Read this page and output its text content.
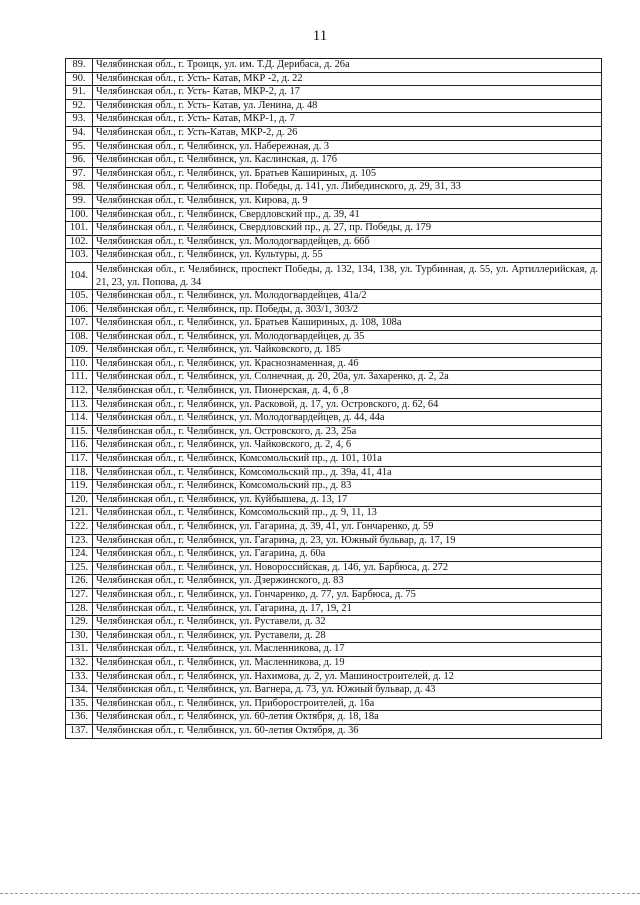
11
89.	Челябинская обл., г. Троицк, ул. им. Т.Д. Дерибаса, д. 26а
90.	Челябинская обл., г. Усть- Катав, МКР -2, д. 22
91.	Челябинская обл., г. Усть- Катав, МКР-2, д. 17
92.	Челябинская обл., г. Усть- Катав, ул. Ленина, д. 48
93.	Челябинская обл., г. Усть- Катав, МКР-1, д. 7
94.	Челябинская обл., г. Усть-Катав, МКР-2, д. 26
95.	Челябинская обл., г. Челябинск, ул. Набережная, д. 3
96.	Челябинская обл., г. Челябинск, ул. Каслинская, д. 17б
97.	Челябинская обл., г. Челябинск, ул. Братьев Кашириных, д. 105
98.	Челябинская обл., г. Челябинск, пр. Победы, д. 141, ул. Либединского, д. 29, 31, 33
99.	Челябинская обл., г. Челябинск, ул. Кирова, д. 9
100.	Челябинская обл., г. Челябинск, Свердловский пр., д. 39, 41
101.	Челябинская обл., г. Челябинск, Свердловский пр., д. 27, пр. Победы, д. 179
102.	Челябинская обл., г. Челябинск, ул. Молодогвардейцев, д. 66б
103.	Челябинская обл., г. Челябинск, ул. Культуры, д. 55
104.	Челябинская обл., г. Челябинск, проспект Победы, д. 132, 134, 138, ул. Турбинная, д. 55, ул. Артиллерийская, д. 21, 23, ул. Попова, д. 34
105.	Челябинская обл., г. Челябинск, ул. Молодогвардейцев, 41а/2
106.	Челябинская обл., г. Челябинск, пр. Победы, д. 303/1, 303/2
107.	Челябинская обл., г. Челябинск, ул. Братьев Кашириных, д. 108, 108а
108.	Челябинская обл., г. Челябинск, ул. Молодогвардейцев, д. 35
109.	Челябинская обл., г. Челябинск, ул. Чайковского, д. 185
110.	Челябинская обл., г. Челябинск, ул. Краснознаменная, д. 46
111.	Челябинская обл., г. Челябинск, ул. Солнечная, д. 20, 20а, ул. Захаренко, д. 2, 2а
112.	Челябинская обл., г. Челябинск, ул. Пионерская, д. 4, 6 ,8
113.	Челябинская обл., г. Челябинск, ул. Расковой, д. 17, ул. Островского, д. 62, 64
114.	Челябинская обл., г. Челябинск, ул. Молодогвардейцев, д. 44, 44а
115.	Челябинская обл., г. Челябинск, ул. Островского, д. 23, 25а
116.	Челябинская обл., г. Челябинск, ул. Чайковского, д. 2, 4, 6
117.	Челябинская обл., г. Челябинск, Комсомольский пр., д. 101, 101а
118.	Челябинская обл., г. Челябинск, Комсомольский пр., д. 39а, 41, 41а
119.	Челябинская обл., г. Челябинск, Комсомольский пр., д. 83
120.	Челябинская обл., г. Челябинск, ул. Куйбышева, д. 13, 17
121.	Челябинская обл., г. Челябинск, Комсомольский пр., д. 9, 11, 13
122.	Челябинская обл., г. Челябинск, ул. Гагарина, д. 39, 41, ул. Гончаренко, д. 59
123.	Челябинская обл., г. Челябинск, ул. Гагарина, д. 23, ул. Южный бульвар, д. 17, 19
124.	Челябинская обл., г. Челябинск, ул. Гагарина, д. 60а
125.	Челябинская обл., г. Челябинск, ул. Новороссийская, д. 146, ул. Барбюса, д. 272
126.	Челябинская обл., г. Челябинск, ул. Дзержинского, д. 83
127.	Челябинская обл., г. Челябинск, ул. Гончаренко, д. 77, ул. Барбюса, д. 75
128.	Челябинская обл., г. Челябинск, ул. Гагарина, д. 17, 19, 21
129.	Челябинская обл., г. Челябинск, ул. Руставели, д. 32
130.	Челябинская обл., г. Челябинск, ул. Руставели, д. 28
131.	Челябинская обл., г. Челябинск, ул. Масленникова, д. 17
132.	Челябинская обл., г. Челябинск, ул. Масленникова, д. 19
133.	Челябинская обл., г. Челябинск, ул. Нахимова, д. 2, ул. Машиностроителей, д. 12
134.	Челябинская обл., г. Челябинск, ул. Вагнера, д. 73, ул. Южный бульвар, д. 43
135.	Челябинская обл., г. Челябинск, ул. Приборостроителей, д. 16а
136.	Челябинская обл., г. Челябинск, ул. 60-летия Октября, д. 18, 18а
137.	Челябинская обл., г. Челябинск, ул. 60-летия Октября, д. 36
